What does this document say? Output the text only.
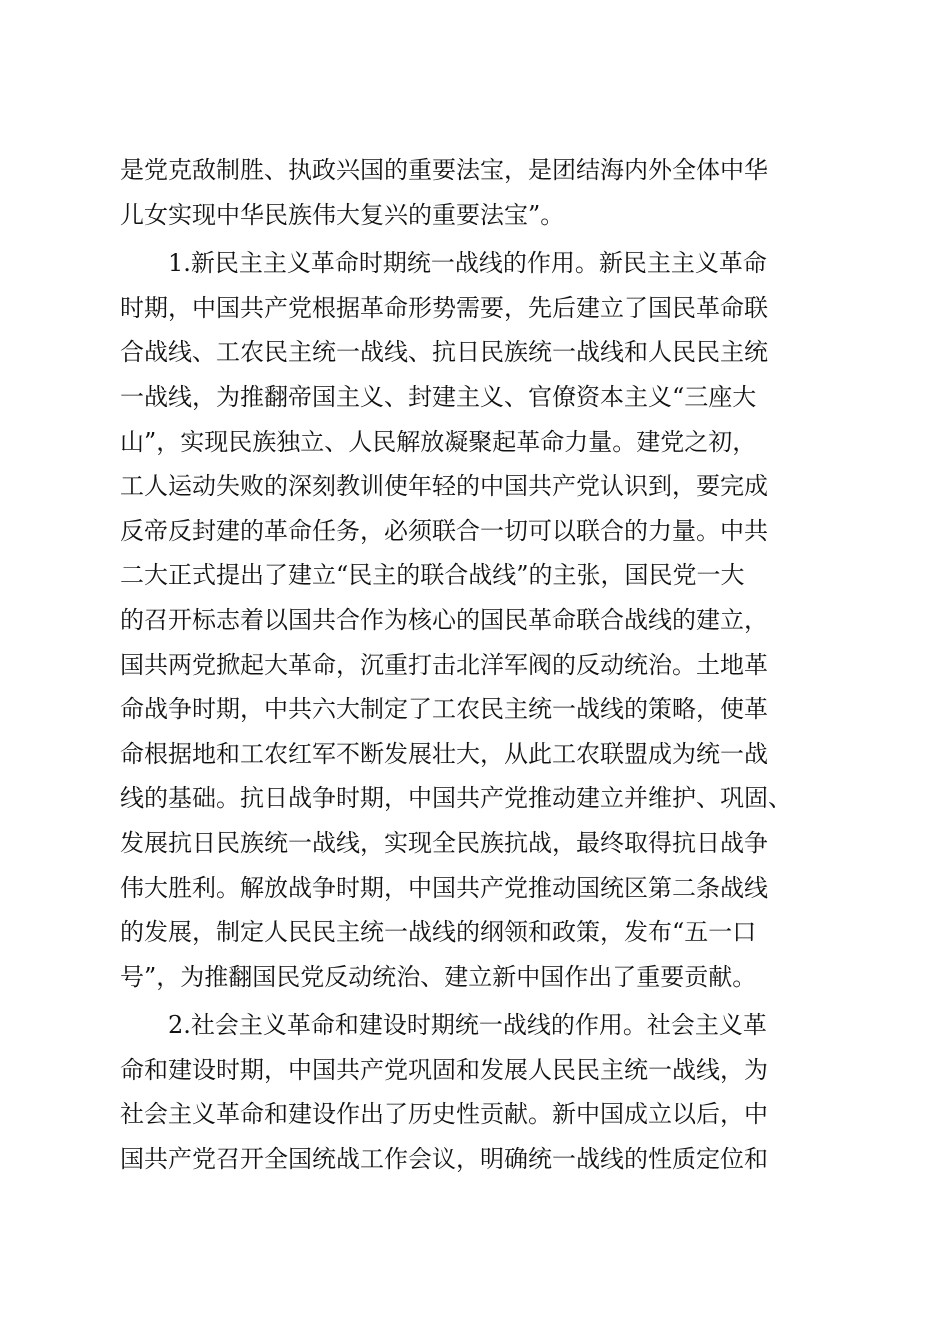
是党克敌制胜、执政兴国的重要法宝，是团结海内外全体中华
儿女实现中华民族伟大复兴的重要法宝”。
　　1.新民主主义革命时期统一战线的作用。新民主主义革命
时期，中国共产党根据革命形势需要，先后建立了国民革命联
合战线、工农民主统一战线、抗日民族统一战线和人民民主统
一战线，为推翻帝国主义、封建主义、官僚资本主义“三座大
山”，实现民族独立、人民解放凝聚起革命力量。建党之初，
工人运动失败的深刻教训使年轻的中国共产党认识到，要完成
反帝反封建的革命任务，必须联合一切可以联合的力量。中共
二大正式提出了建立“民主的联合战线”的主张，国民党一大
的召开标志着以国共合作为核心的国民革命联合战线的建立，
国共两党掀起大革命，沉重打击北洋军阀的反动统治。土地革
命战争时期，中共六大制定了工农民主统一战线的策略，使革
命根据地和工农红军不断发展壮大，从此工农联盟成为统一战
线的基础。抗日战争时期，中国共产党推动建立并维护、巩固、
发展抗日民族统一战线，实现全民族抗战，最终取得抗日战争
伟大胜利。解放战争时期，中国共产党推动国统区第二条战线
的发展，制定人民民主统一战线的纲领和政策，发布“五一口
号”，为推翻国民党反动统治、建立新中国作出了重要贡献。
　　2.社会主义革命和建设时期统一战线的作用。社会主义革
命和建设时期，中国共产党巩固和发展人民民主统一战线，为
社会主义革命和建设作出了历史性贡献。新中国成立以后，中
国共产党召开全国统战工作会议，明确统一战线的性质定位和
